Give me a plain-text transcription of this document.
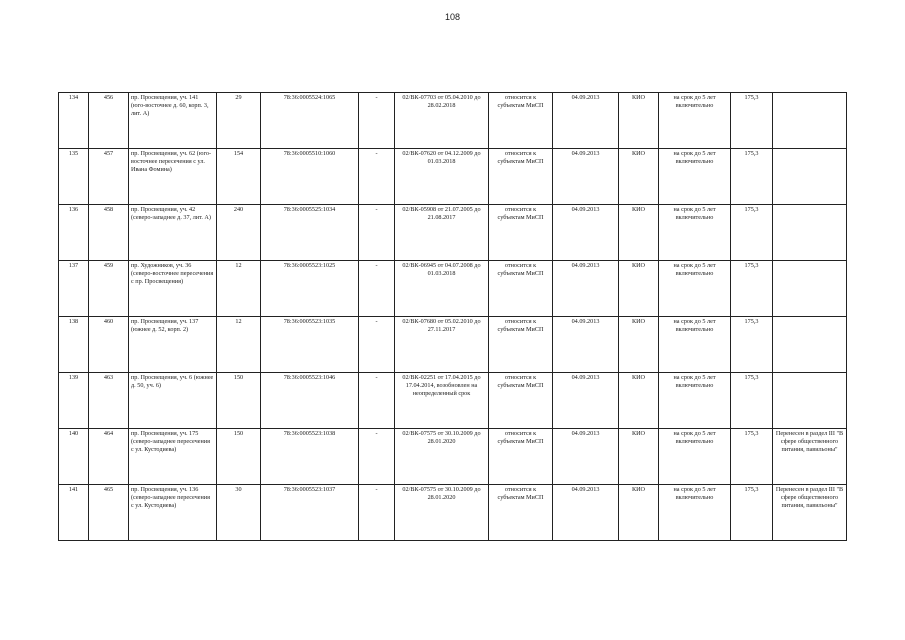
108
134	456	пр. Просвещения, уч. 141 (юго-восточнее д. 60, корп. 3, лит. А)	29	78:36:0005524:1065	-	02/ВК-07703 от 05.04.2010 до 28.02.2018	относится к субъектам МиСП	04.09.2013	КИО	на срок до 5 лет включительно	175,3	
135	457	пр. Просвещения, уч. 62 (юго-восточнее пересечения с ул. Ивана Фомина)	154	78:36:0005510:1060	-	02/ВК-07620 от 04.12.2009 до 01.03.2018	относится к субъектам МиСП	04.09.2013	КИО	на срок до 5 лет включительно	175,3	
136	458	пр. Просвещения, уч. 42 (северо-западнее д. 37, лит. А)	240	78:36:0005525:1034	-	02/ВК-05908 от 21.07.2005 до 21.08.2017	относится к субъектам МиСП	04.09.2013	КИО	на срок до 5 лет включительно	175,3	
137	459	пр. Художников, уч. 36 (северо-восточнее пересечения с пр. Просвещения)	12	78:36:0005523:1025	-	02/ВК-06945 от 04.07.2008 до 01.03.2018	относится к субъектам МиСП	04.09.2013	КИО	на срок до 5 лет включительно	175,3	
138	460	пр. Просвещения, уч. 137 (южнее д. 52, корп. 2)	12	78:36:0005523:1035	-	02/ВК-07680 от 05.02.2010 до 27.11.2017	относится к субъектам МиСП	04.09.2013	КИО	на срок до 5 лет включительно	175,3	
139	463	пр. Просвещения, уч. 6 (южнее д. 50, уч. 6)	150	78:36:0005523:1046	-	02/ВК-02251 от 17.04.2015 до 17.04.2014, возобновлен на неопределенный срок	относится к субъектам МиСП	04.09.2013	КИО	на срок до 5 лет включительно	175,3	
140	464	пр. Просвещения, уч. 175 (северо-западнее пересечения с ул. Кустодиева)	150	78:36:0005523:1038	-	02/ВК-07575 от 30.10.2009 до 28.01.2020	относится к субъектам МиСП	04.09.2013	КИО	на срок до 5 лет включительно	175,3	Перенесен в раздел III "В сфере общественного питания, павильоны"
141	465	пр. Просвещения, уч. 136 (северо-западнее пересечения с ул. Кустодиева)	30	78:36:0005523:1037	-	02/ВК-07575 от 30.10.2009 до 28.01.2020	относится к субъектам МиСП	04.09.2013	КИО	на срок до 5 лет включительно	175,3	Перенесен в раздел III "В сфере общественного питания, павильоны"
